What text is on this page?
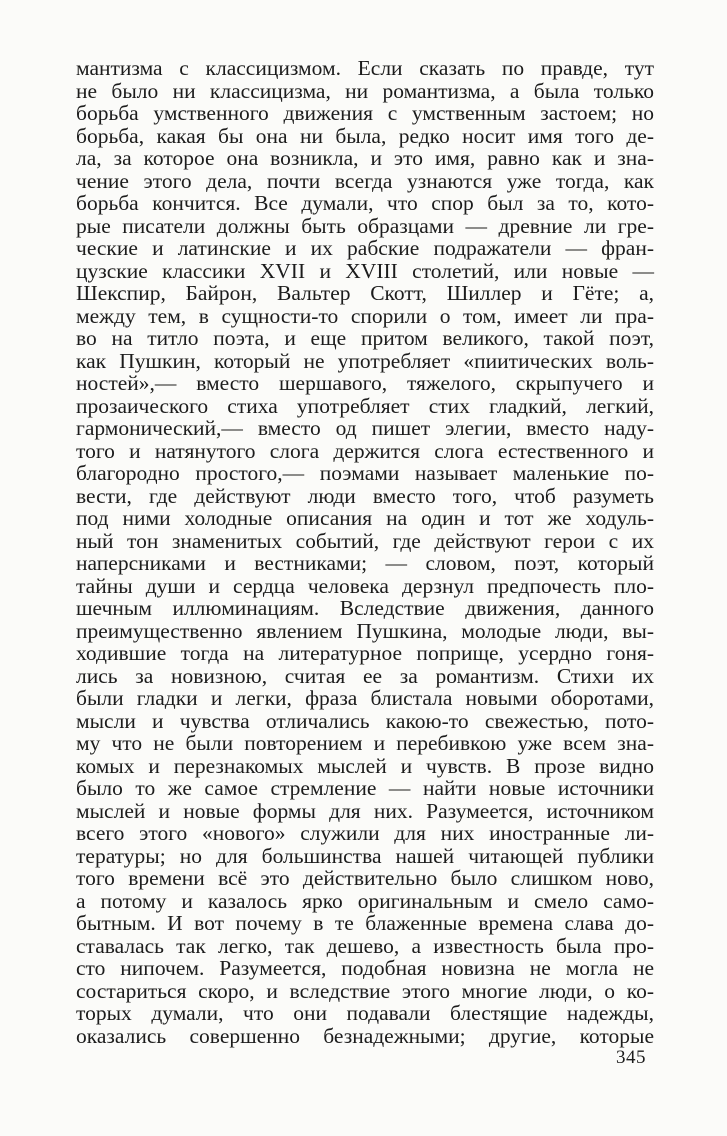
мантизма с классицизмом. Если сказать по правде, тут
не было ни классицизма, ни романтизма, а была только
борьба умственного движения с умственным застоем; но
борьба, какая бы она ни была, редко носит имя того де-
ла, за которое она возникла, и это имя, равно как и зна-
чение этого дела, почти всегда узнаются уже тогда, как
борьба кончится. Все думали, что спор был за то, кото-
рые писатели должны быть образцами — древние ли гре-
ческие и латинские и их рабские подражатели — фран-
цузские классики XVII и XVIII столетий, или новые —
Шекспир, Байрон, Вальтер Скотт, Шиллер и Гёте; а,
между тем, в сущности-то спорили о том, имеет ли пра-
во на титло поэта, и еще притом великого, такой поэт,
как Пушкин, который не употребляет «пиитических воль-
ностей»,— вместо шершавого, тяжелого, скрыпучего и
прозаического стиха употребляет стих гладкий, легкий,
гармонический,— вместо од пишет элегии, вместо наду-
того и натянутого слога держится слога естественного и
благородно простого,— поэмами называет маленькие по-
вести, где действуют люди вместо того, чтоб разуметь
под ними холодные описания на один и тот же ходуль-
ный тон знаменитых событий, где действуют герои с их
наперсниками и вестниками; — словом, поэт, который
тайны души и сердца человека дерзнул предпочесть пло-
шечным иллюминациям. Вследствие движения, данного
преимущественно явлением Пушкина, молодые люди, вы-
ходившие тогда на литературное поприще, усердно гоня-
лись за новизною, считая ее за романтизм. Стихи их
были гладки и легки, фраза блистала новыми оборотами,
мысли и чувства отличались какою-то свежестью, пото-
му что не были повторением и перебивкою уже всем зна-
комых и перезнакомых мыслей и чувств. В прозе видно
было то же самое стремление — найти новые источники
мыслей и новые формы для них. Разумеется, источником
всего этого «нового» служили для них иностранные ли-
тературы; но для большинства нашей читающей публики
того времени всё это действительно было слишком ново,
а потому и казалось ярко оригинальным и смело само-
бытным. И вот почему в те блаженные времена слава до-
ставалась так легко, так дешево, а известность была про-
сто нипочем. Разумеется, подобная новизна не могла не
состариться скоро, и вследствие этого многие люди, о ко-
торых думали, что они подавали блестящие надежды,
оказались совершенно безнадежными; другие, которые
345
